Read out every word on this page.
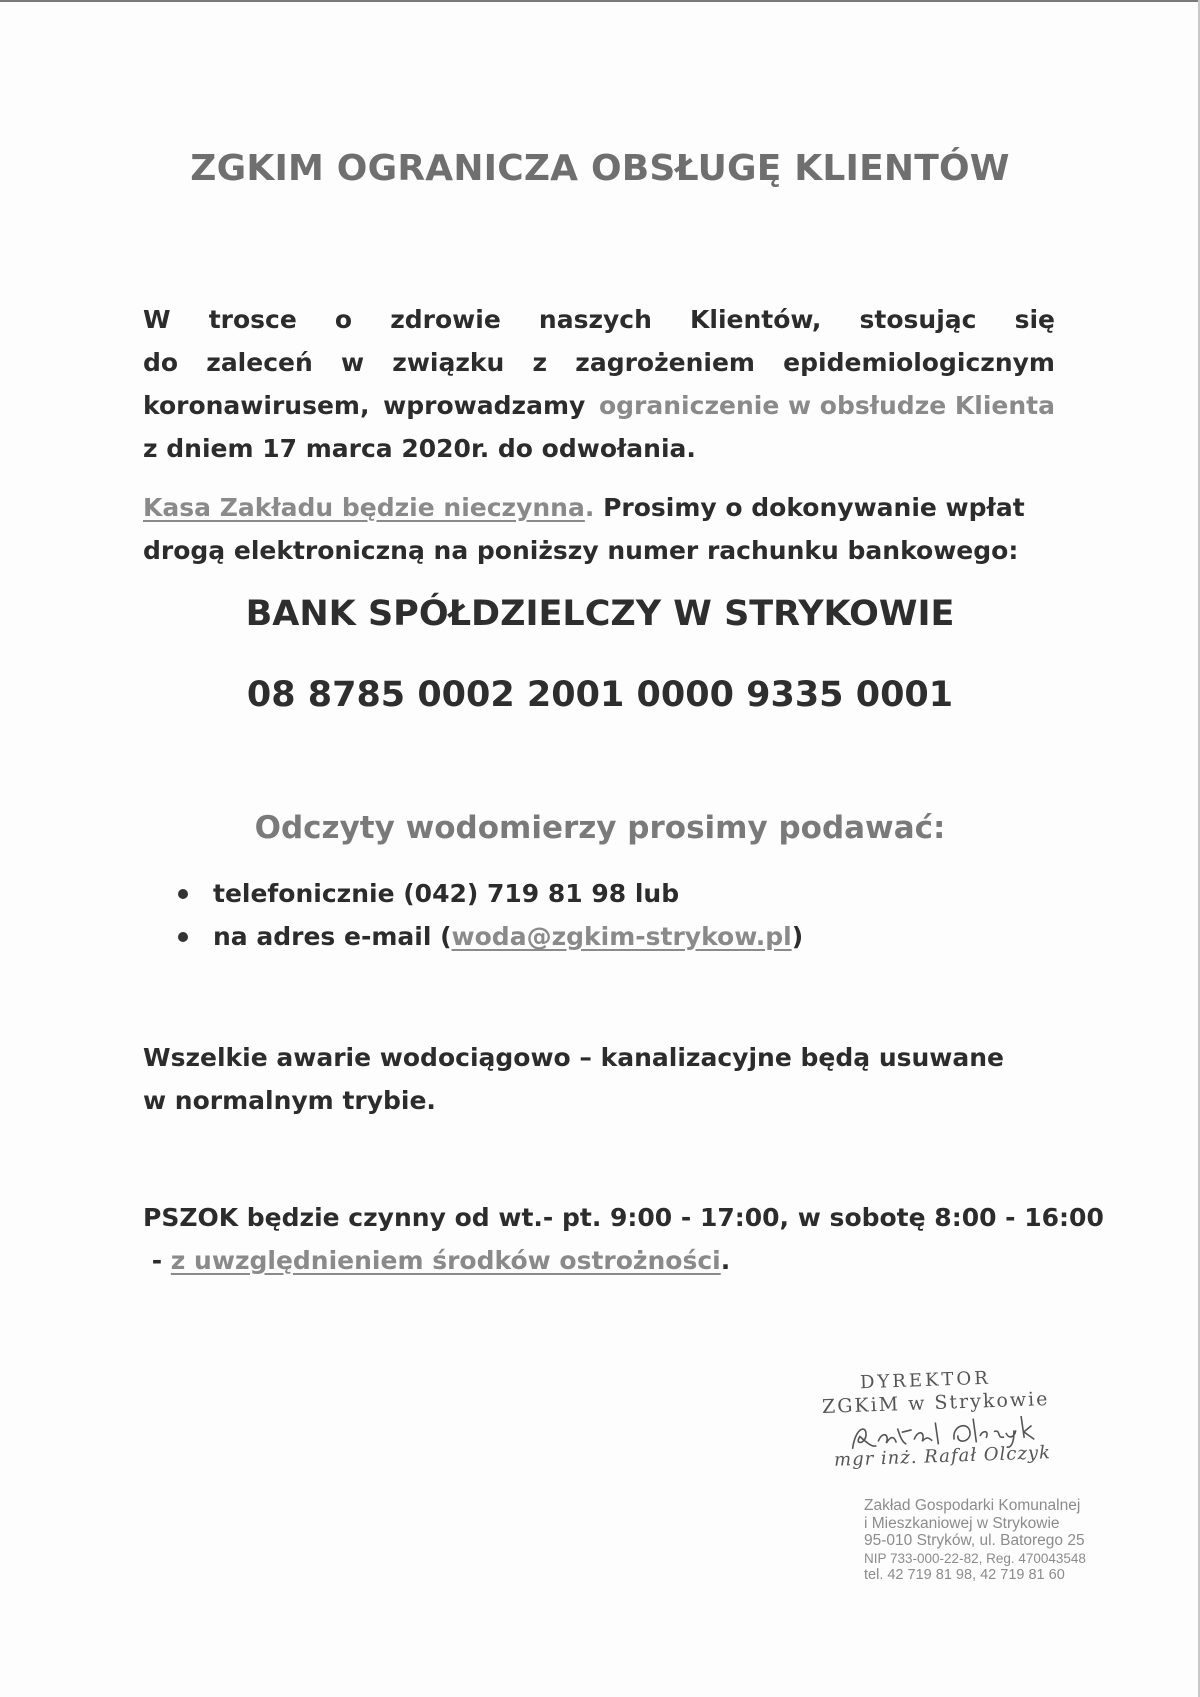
ZGKIM OGRANICZA OBSŁUGĘ KLIENTÓW
W trosce o zdrowie naszych Klientów, stosując się
do zaleceń w związku z zagrożeniem epidemiologicznym
koronawirusem, wprowadzamy ograniczenie w obsłudze Klienta
z dniem 17 marca 2020r. do odwołania.
Kasa Zakładu będzie nieczynna. Prosimy o dokonywanie wpłat
drogą elektroniczną na poniższy numer rachunku bankowego:
BANK SPÓŁDZIELCZY W STRYKOWIE
08 8785 0002 2001 0000 9335 0001
Odczyty wodomierzy prosimy podawać:
telefonicznie (042) 719 81 98 lub
na adres e-mail ( woda@zgkim-strykow.pl )
Wszelkie awarie wodociągowo – kanalizacyjne będą usuwane
w normalnym trybie.
PSZOK będzie czynny od wt.- pt. 9:00 - 17:00, w sobotę 8:00 - 16:00
- z uwzględnieniem środków ostrożności.
DYREKTOR
ZGKiM w Strykowie
mgr inż. Rafał Olczyk
Zakład Gospodarki Komunalnej
i Mieszkaniowej w Strykowie
95-010 Stryków, ul. Batorego 25
NIP 733-000-22-82, Reg. 470043548
tel. 42 719 81 98, 42 719 81 60
